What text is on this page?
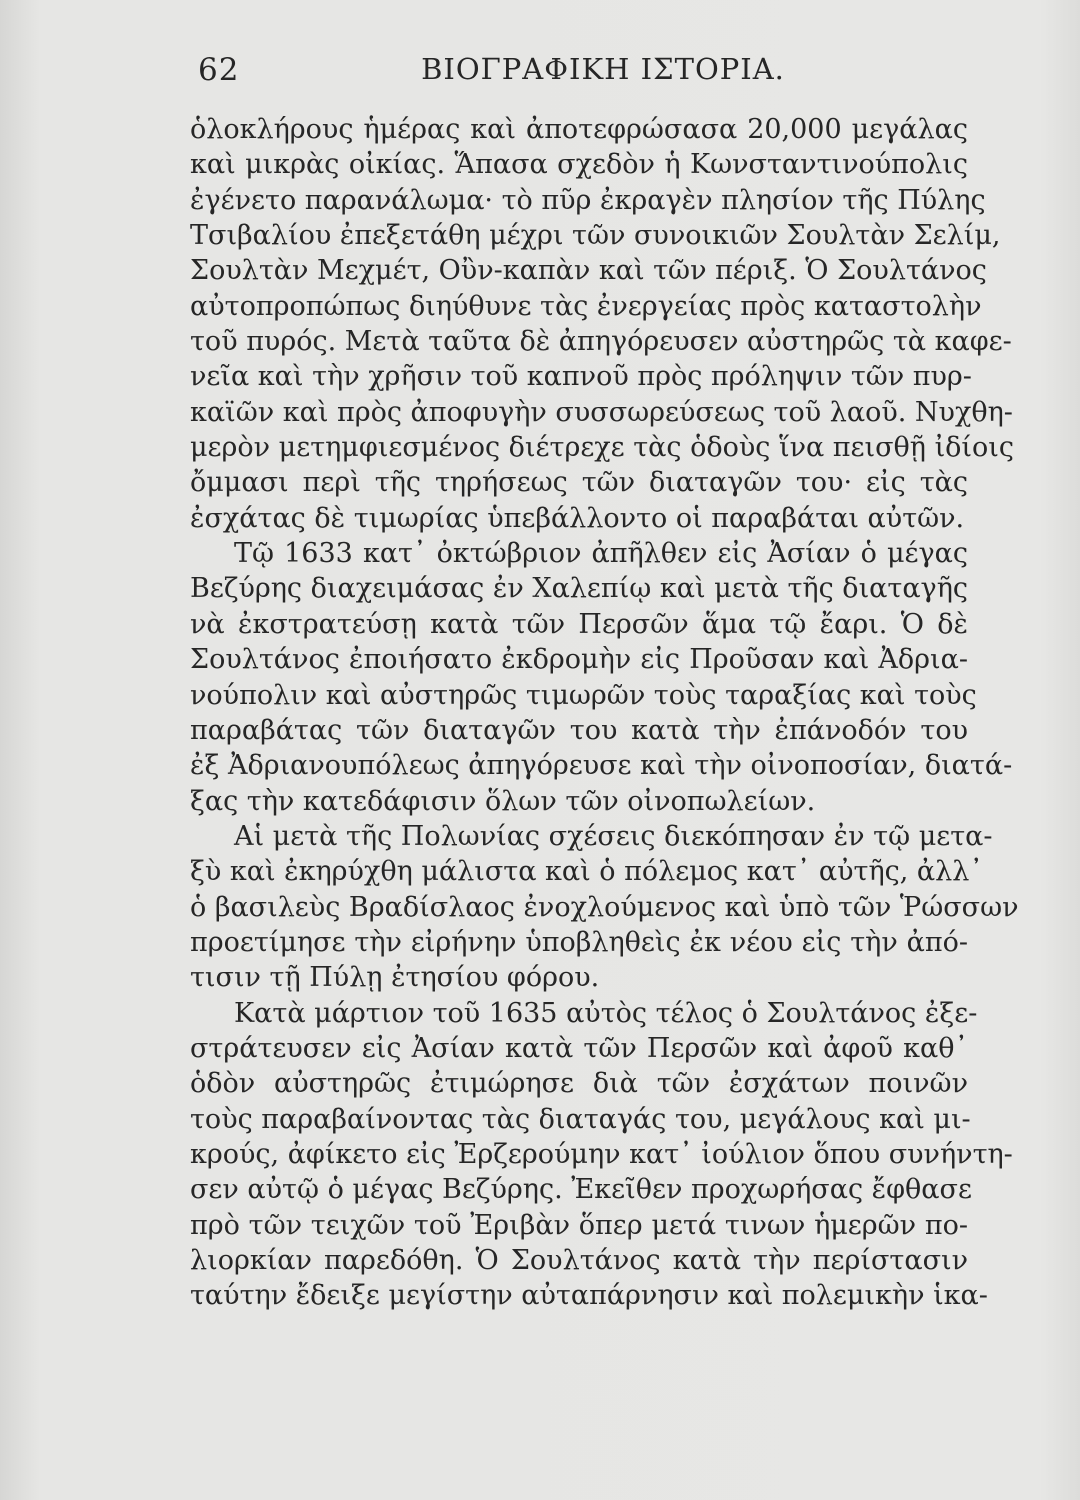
62	ΒΙΟΓΡΑΦΙΚΗ ΙΣΤΟΡΙΑ.
ὁλοκλήρους ἡμέρας καὶ ἀποτεφρώσασα 20,000 μεγάλας
καὶ μικρὰς οἰκίας. Ἅπασα σχεδὸν ἡ Κωνσταντινούπολις
ἐγένετο παρανάλωμα· τὸ πῦρ ἐκραγὲν πλησίον τῆς Πύλης
Τσιβαλίου ἐπεξετάθη μέχρι τῶν συνοικιῶν Σουλτὰν Σελίμ,
Σουλτὰν Μεχμέτ, Οὒν-καπὰν καὶ τῶν πέριξ. Ὁ Σουλτάνος
αὐτοπροπώπως διηύθυνε τὰς ἐνεργείας πρὸς καταστολὴν
τοῦ πυρός. Μετὰ ταῦτα δὲ ἀπηγόρευσεν αὐστηρῶς τὰ καφε-
νεῖα καὶ τὴν χρῆσιν τοῦ καπνοῦ πρὸς πρόληψιν τῶν πυρ-
καϊῶν καὶ πρὸς ἀποφυγὴν συσσωρεύσεως τοῦ λαοῦ. Νυχθη-
μερὸν μετημφιεσμένος διέτρεχε τὰς ὁδοὺς ἵνα πεισθῇ ἰδίοις
ὄμμασι περὶ τῆς τηρήσεως τῶν διαταγῶν του· εἰς τὰς
ἐσχάτας δὲ τιμωρίας ὑπεβάλλοντο οἱ παραβάται αὐτῶν.
Τῷ 1633 κατ᾿ ὀκτώβριον ἀπῆλθεν εἰς Ἀσίαν ὁ μέγας
Βεζύρης διαχειμάσας ἐν Χαλεπίῳ καὶ μετὰ τῆς διαταγῆς
νὰ ἐκστρατεύσῃ κατὰ τῶν Περσῶν ἅμα τῷ ἔαρι. Ὁ δὲ
Σουλτάνος ἐποιήσατο ἐκδρομὴν εἰς Προῦσαν καὶ Ἀδρια-
νούπολιν καὶ αὐστηρῶς τιμωρῶν τοὺς ταραξίας καὶ τοὺς
παραβάτας τῶν διαταγῶν του κατὰ τὴν ἐπάνοδόν του
ἐξ Ἀδριανουπόλεως ἀπηγόρευσε καὶ τὴν οἰνοποσίαν, διατά-
ξας τὴν κατεδάφισιν ὅλων τῶν οἰνοπωλείων.
Αἱ μετὰ τῆς Πολωνίας σχέσεις διεκόπησαν ἐν τῷ μετα-
ξὺ καὶ ἐκηρύχθη μάλιστα καὶ ὁ πόλεμος κατ᾿ αὐτῆς, ἀλλ᾿
ὁ βασιλεὺς Βραδίσλαος ἐνοχλούμενος καὶ ὑπὸ τῶν Ῥώσσων
προετίμησε τὴν εἰρήνην ὑποβληθεὶς ἐκ νέου εἰς τὴν ἀπό-
τισιν τῇ Πύλῃ ἐτησίου φόρου.
Κατὰ μάρτιον τοῦ 1635 αὐτὸς τέλος ὁ Σουλτάνος ἐξε-
στράτευσεν εἰς Ἀσίαν κατὰ τῶν Περσῶν καὶ ἀφοῦ καθ᾿
ὁδὸν αὐστηρῶς ἐτιμώρησε διὰ τῶν ἐσχάτων ποινῶν
τοὺς παραβαίνοντας τὰς διαταγάς του, μεγάλους καὶ μι-
κρούς, ἀφίκετο εἰς Ἐρζερούμην κατ᾿ ἰούλιον ὅπου συνήντη-
σεν αὐτῷ ὁ μέγας Βεζύρης. Ἐκεῖθεν προχωρήσας ἔφθασε
πρὸ τῶν τειχῶν τοῦ Ἐριβὰν ὅπερ μετά τινων ἡμερῶν πο-
λιορκίαν παρεδόθη. Ὁ Σουλτάνος κατὰ τὴν περίστασιν
ταύτην ἔδειξε μεγίστην αὐταπάρνησιν καὶ πολεμικὴν ἱκα-
